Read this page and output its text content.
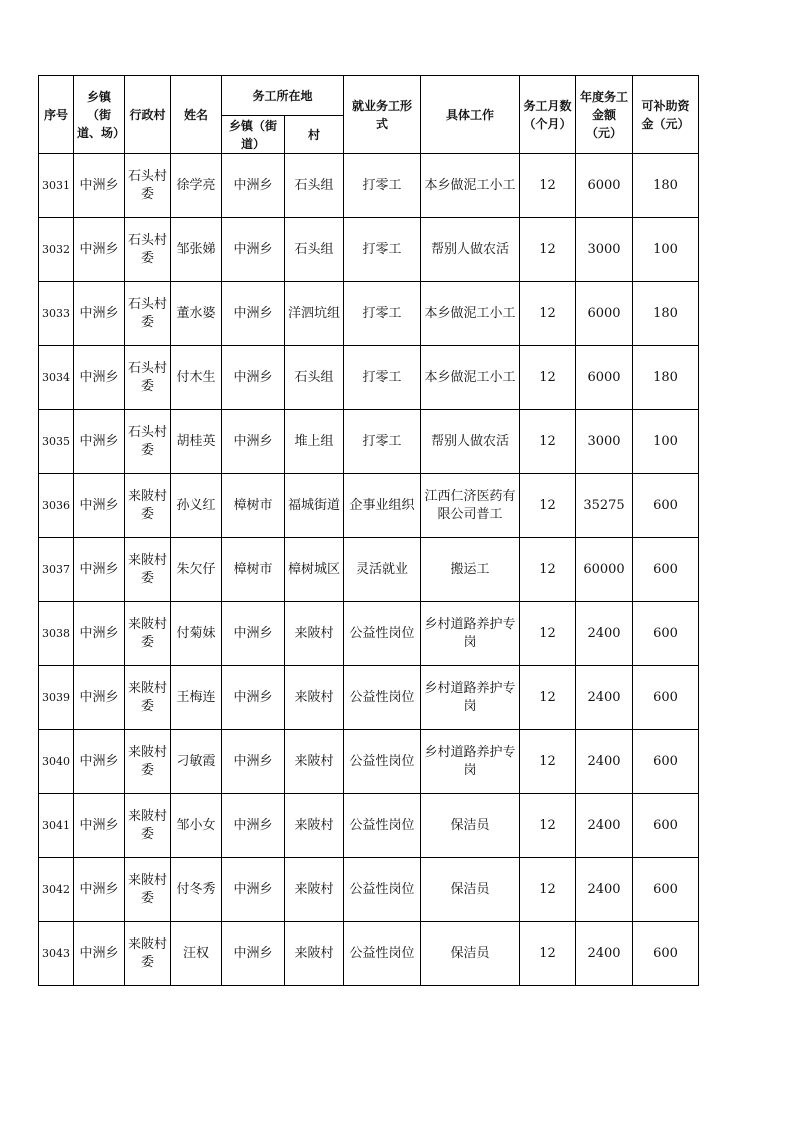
序号	乡镇（街道、场）	行政村	姓名	务工所在地		就业务工形式	具体工作	务工月数（个月）	年度务工金额（元）	可补助资金（元）
				乡镇（街道）	村					
3031	中洲乡	石头村委	徐学亮	中洲乡	石头组	打零工	本乡做泥工小工	12	6000	180
3032	中洲乡	石头村委	邹张娣	中洲乡	石头组	打零工	帮别人做农活	12	3000	100
3033	中洲乡	石头村委	董水婆	中洲乡	洋泗坑组	打零工	本乡做泥工小工	12	6000	180
3034	中洲乡	石头村委	付木生	中洲乡	石头组	打零工	本乡做泥工小工	12	6000	180
3035	中洲乡	石头村委	胡桂英	中洲乡	堆上组	打零工	帮别人做农活	12	3000	100
3036	中洲乡	来陂村委	孙义红	樟树市	福城街道	企事业组织	江西仁济医药有限公司普工	12	35275	600
3037	中洲乡	来陂村委	朱欠仔	樟树市	樟树城区	灵活就业	搬运工	12	60000	600
3038	中洲乡	来陂村委	付菊妹	中洲乡	来陂村	公益性岗位	乡村道路养护专岗	12	2400	600
3039	中洲乡	来陂村委	王梅连	中洲乡	来陂村	公益性岗位	乡村道路养护专岗	12	2400	600
3040	中洲乡	来陂村委	刁敏霞	中洲乡	来陂村	公益性岗位	乡村道路养护专岗	12	2400	600
3041	中洲乡	来陂村委	邹小女	中洲乡	来陂村	公益性岗位	保洁员	12	2400	600
3042	中洲乡	来陂村委	付冬秀	中洲乡	来陂村	公益性岗位	保洁员	12	2400	600
3043	中洲乡	来陂村委	汪权	中洲乡	来陂村	公益性岗位	保洁员	12	2400	600
